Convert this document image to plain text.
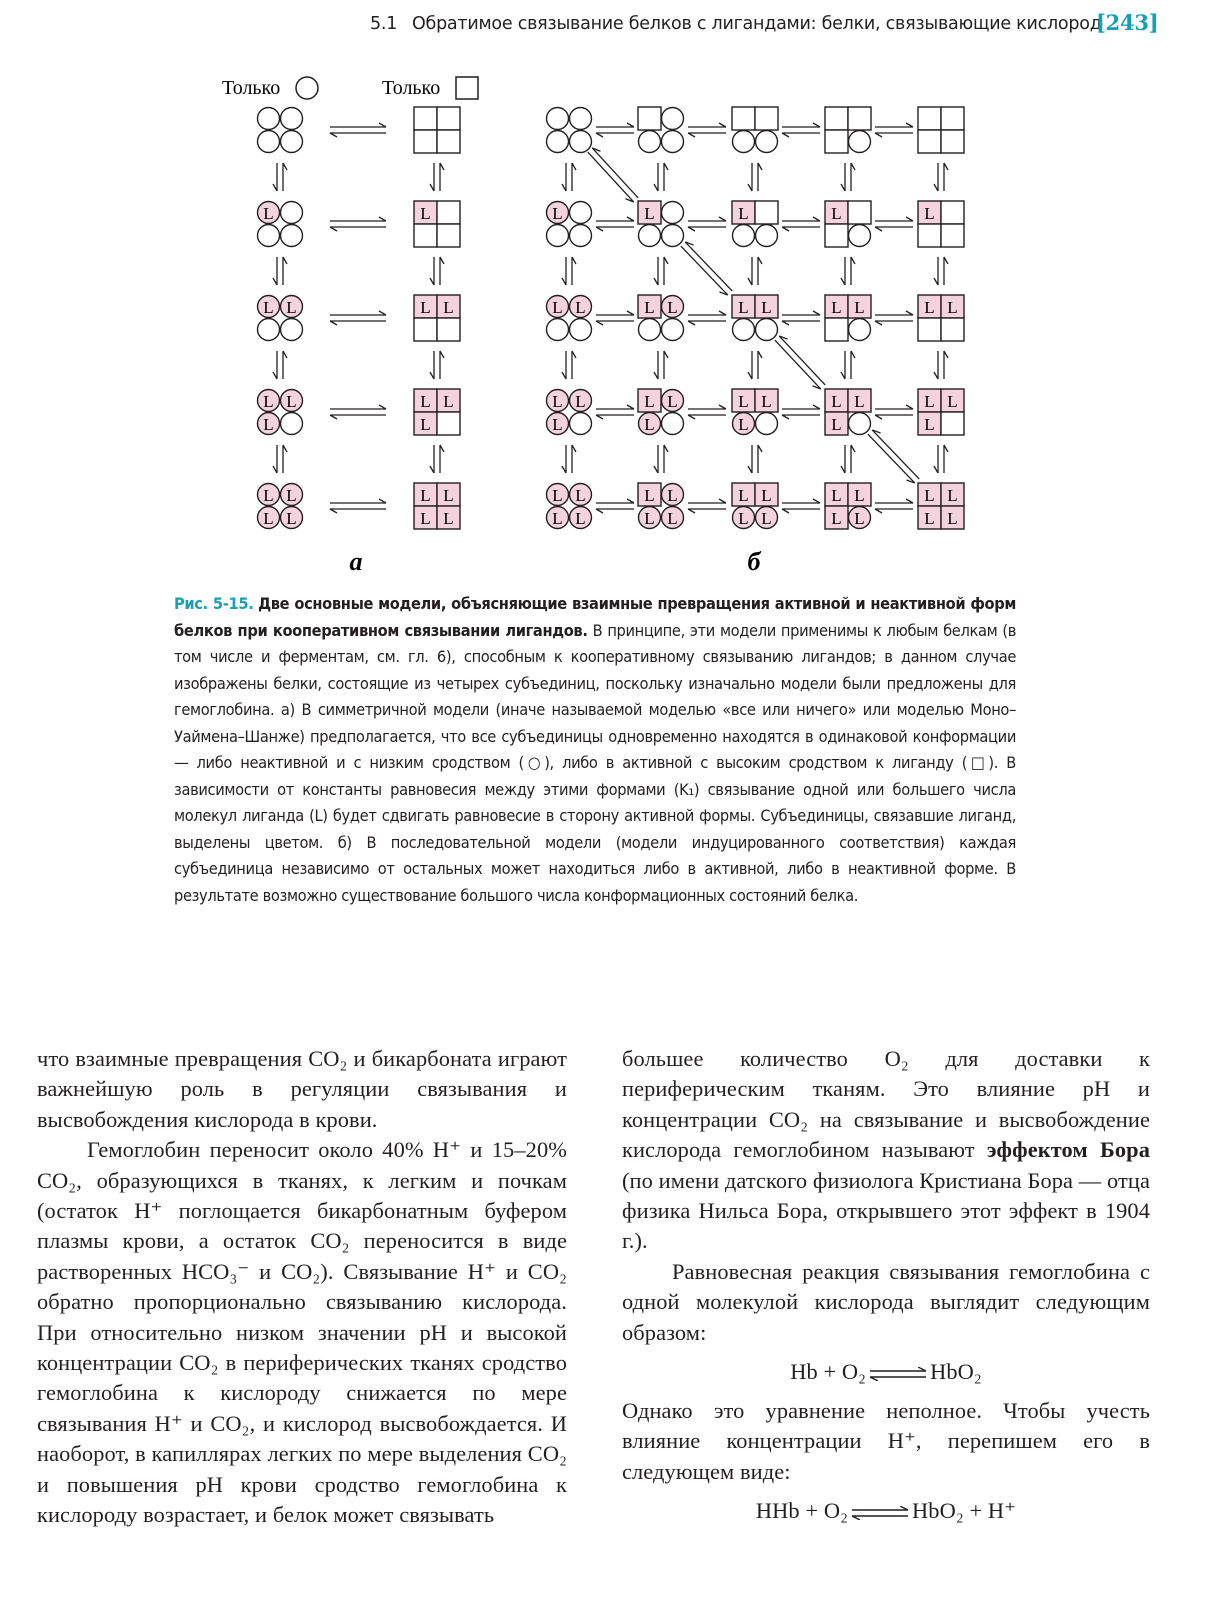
5.1 Обратимое связывание белков с лигандами: белки, связывающие кислород
[243]
L	L
L L	L L
L L
L
L L
L
L L
L L
L L
L L
L
L L
L L
L
L L
L L
L
L L
L L
L
L L
L L
L
L L
L L
L
L L
L L
L
L L
L L
L
L L
L L
L
L L
L L
L
L L
L L
а	б
Только	Только
Рис. 5-15. Две основные модели, объясняющие взаимные превращения активной и неактивной форм белков при кооперативном связывании лигандов. В принципе, эти модели применимы к любым белкам (в том числе и ферментам, см. гл. 6), способным к кооперативному связыванию лигандов; в данном случае изображены белки, состоящие из четырех субъединиц, поскольку изначально модели были предложены для гемоглобина. а) В симметричной модели (иначе называемой моделью «все или ничего» или моделью Моно–Уаймена–Шанже) предполагается, что все субъединицы одновременно находятся в одинаковой конформации — либо неактивной и с низким сродством (○), либо в активной с высоким сродством к лиганду (□). В зависимости от константы равновесия между этими формами (K₁) связывание одной или большего числа молекул лиганда (L) будет сдвигать равновесие в сторону активной формы. Субъединицы, связавшие лиганд, выделены цветом. б) В последовательной модели (модели индуцированного соответствия) каждая субъединица независимо от остальных может находиться либо в активной, либо в неактивной форме. В результате возможно существование большого числа конформационных состояний белка.

что взаимные превращения CO₂ и бикарбоната играют важнейшую роль в регуляции связывания и высвобождения кислорода в крови.

Гемоглобин переносит около 40% H⁺ и 15–20% CO₂, образующихся в тканях, к легким и почкам (остаток H⁺ поглощается бикарбонатным буфером плазмы крови, а остаток CO₂ переносится в виде растворенных HCO₃⁻ и CO₂). Связывание H⁺ и CO₂ обратно пропорционально связыванию кислорода. При относительно низком значении pH и высокой концентрации CO₂ в периферических тканях сродство гемоглобина к кислороду снижается по мере связывания H⁺ и CO₂, и кислород высвобождается. И наоборот, в капиллярах легких по мере выделения CO₂ и повышения pH крови сродство гемоглобина к кислороду возрастает, и белок может связывать

большее количество O₂ для доставки к периферическим тканям. Это влияние pH и концентрации CO₂ на связывание и высвобождение кислорода гемоглобином называют эффектом Бора (по имени датского физиолога Кристиана Бора — отца физика Нильса Бора, открывшего этот эффект в 1904 г.).

Равновесная реакция связывания гемоглобина с одной молекулой кислорода выглядит следующим образом:

Hb + O₂ ⇌ HbO₂

Однако это уравнение неполное. Чтобы учесть влияние концентрации H⁺, перепишем его в следующем виде:

HHb + O₂ ⇌ HbO₂ + H⁺
